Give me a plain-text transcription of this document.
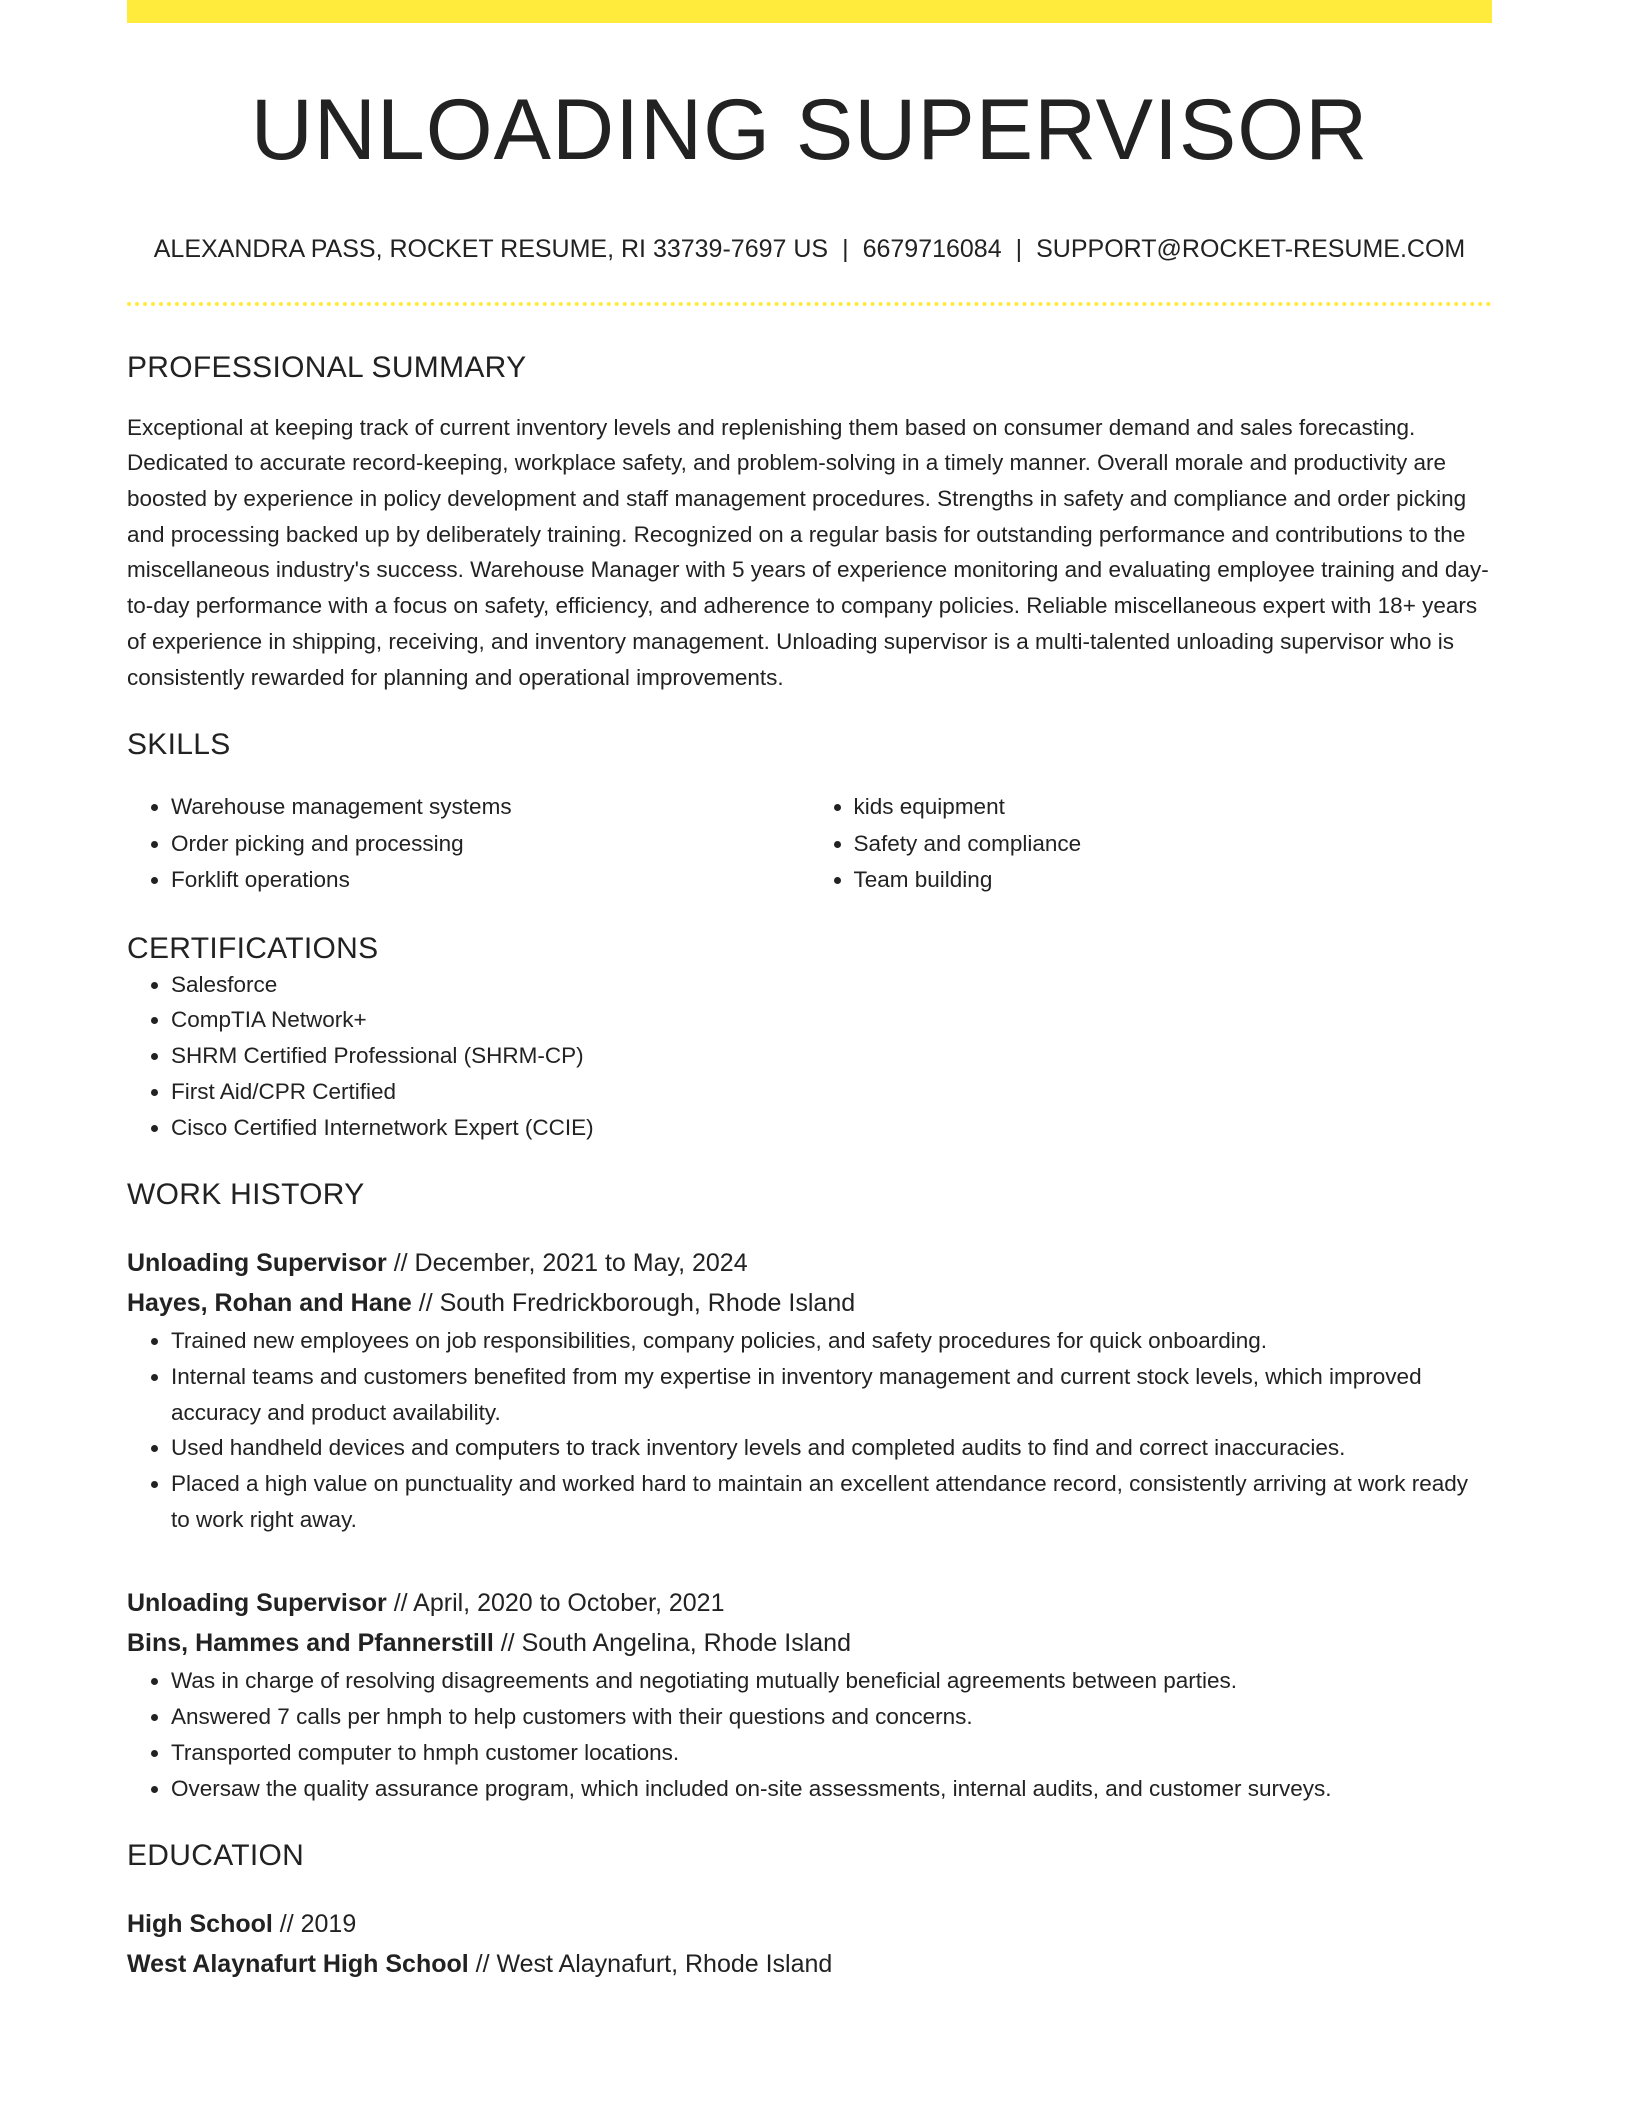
UNLOADING SUPERVISOR
ALEXANDRA PASS, ROCKET RESUME, RI 33739-7697 US | 6679716084 | SUPPORT@ROCKET-RESUME.COM
PROFESSIONAL SUMMARY

Exceptional at keeping track of current inventory levels and replenishing them based on consumer demand and sales forecasting. Dedicated to accurate record-keeping, workplace safety, and problem-solving in a timely manner. Overall morale and productivity are boosted by experience in policy development and staff management procedures. Strengths in safety and compliance and order picking and processing backed up by deliberately training. Recognized on a regular basis for outstanding performance and contributions to the miscellaneous industry's success. Warehouse Manager with 5 years of experience monitoring and evaluating employee training and day-to-day performance with a focus on safety, efficiency, and adherence to company policies. Reliable miscellaneous expert with 18+ years of experience in shipping, receiving, and inventory management. Unloading supervisor is a multi-talented unloading supervisor who is consistently rewarded for planning and operational improvements.

SKILLS
• Warehouse management systems
• Order picking and processing
• Forklift operations
• kids equipment
• Safety and compliance
• Team building
CERTIFICATIONS
• Salesforce
• CompTIA Network+
• SHRM Certified Professional (SHRM-CP)
• First Aid/CPR Certified
• Cisco Certified Internetwork Expert (CCIE)
WORK HISTORY
Unloading Supervisor // December, 2021 to May, 2024
Hayes, Rohan and Hane // South Fredrickborough, Rhode Island
• Trained new employees on job responsibilities, company policies, and safety procedures for quick onboarding.
• Internal teams and customers benefited from my expertise in inventory management and current stock levels, which improved accuracy and product availability.
• Used handheld devices and computers to track inventory levels and completed audits to find and correct inaccuracies.
• Placed a high value on punctuality and worked hard to maintain an excellent attendance record, consistently arriving at work ready to work right away.
Unloading Supervisor // April, 2020 to October, 2021
Bins, Hammes and Pfannerstill // South Angelina, Rhode Island
• Was in charge of resolving disagreements and negotiating mutually beneficial agreements between parties.
• Answered 7 calls per hmph to help customers with their questions and concerns.
• Transported computer to hmph customer locations.
• Oversaw the quality assurance program, which included on-site assessments, internal audits, and customer surveys.
EDUCATION
High School // 2019
West Alaynafurt High School // West Alaynafurt, Rhode Island
